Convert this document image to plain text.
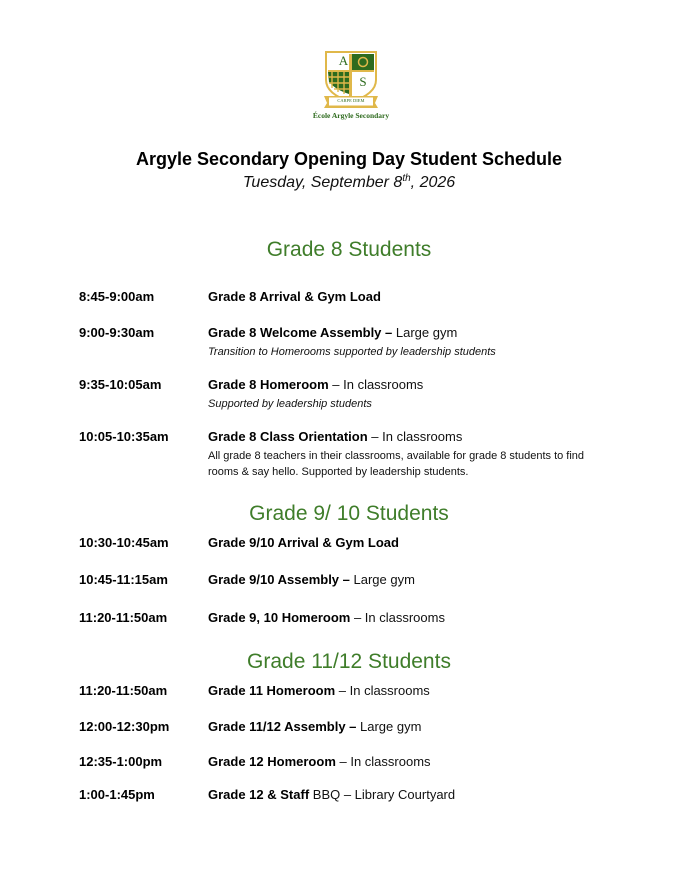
A
S
CARPE DIEM
École Argyle Secondary
Argyle Secondary Opening Day Student Schedule
Tuesday, September 8th, 2026
Grade 8 Students
8:45-9:00am	Grade 8 Arrival & Gym Load
9:00-9:30am	Grade 8 Welcome Assembly – Large gym
Transition to Homerooms supported by leadership students
9:35-10:05am	Grade 8 Homeroom – In classrooms
Supported by leadership students
10:05-10:35am	Grade 8 Class Orientation – In classrooms
All grade 8 teachers in their classrooms, available for grade 8 students to find rooms & say hello. Supported by leadership students.
Grade 9/ 10 Students
10:30-10:45am	Grade 9/10 Arrival & Gym Load
10:45-11:15am	Grade 9/10 Assembly – Large gym
11:20-11:50am	Grade 9, 10 Homeroom – In classrooms
Grade 11/12 Students
11:20-11:50am	Grade 11 Homeroom – In classrooms
12:00-12:30pm	Grade 11/12 Assembly – Large gym
12:35-1:00pm	Grade 12 Homeroom – In classrooms
1:00-1:45pm	Grade 12 & Staff BBQ – Library Courtyard
